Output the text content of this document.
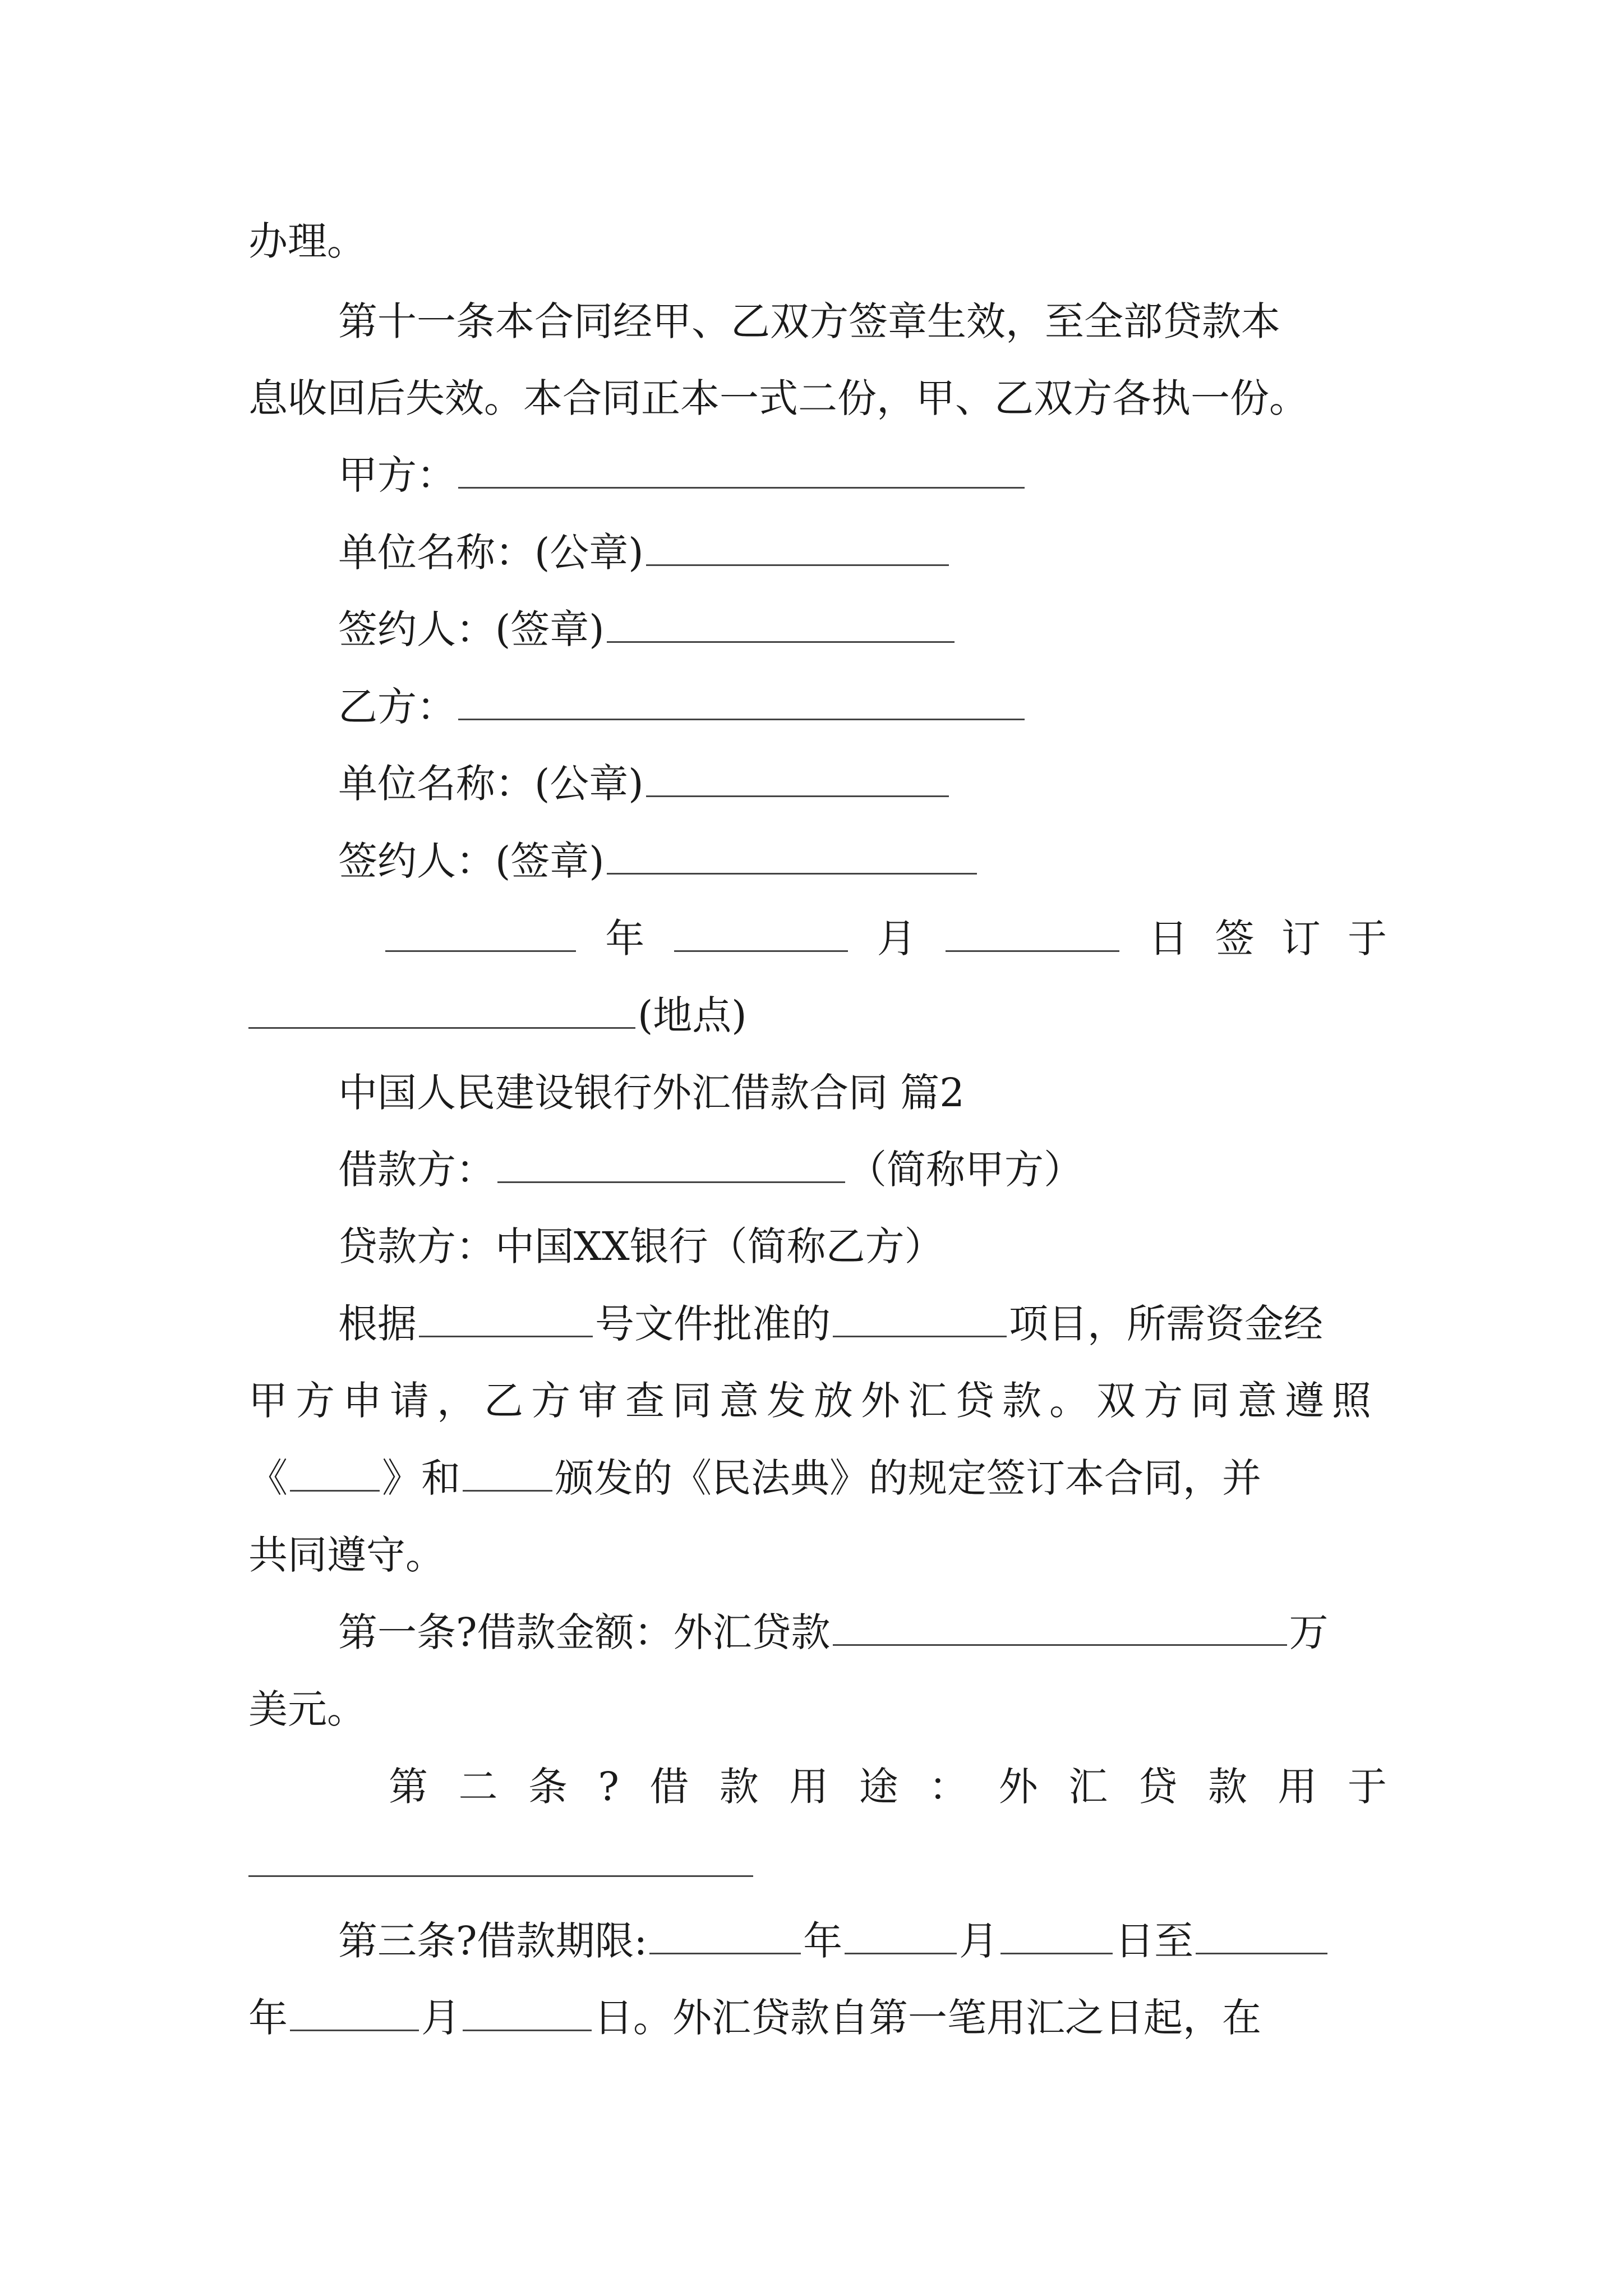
办理。
第十一条本合同经甲、乙双方签章生效，至全部贷款本
息收回后失效。本合同正本一式二份，甲、乙双方各执一份。
甲方：
单位名称：(公章)
签约人：(签章)
乙方：
单位名称：(公章)
签约人：(签章)
年	月	日 签 订 于
(地点)
中国人民建设银行外汇借款合同 篇2
借款方：	（简称甲方）
贷款方：中国XX银行（简称乙方）
根据	号文件批准的	项目，所需资金经
甲方申请，乙方审查同意发放外汇贷款。双方同意遵照
《 》和 颁发的《民法典》的规定签订本合同，并
共同遵守。
第一条?借款金额：外汇贷款	万
美元。
第 二 条 ? 借 款 用 途 ： 外 汇 贷 款 用 于
第三条?借款期限:	年	月	日至
年	月	日。外汇贷款自第一笔用汇之日起，在
